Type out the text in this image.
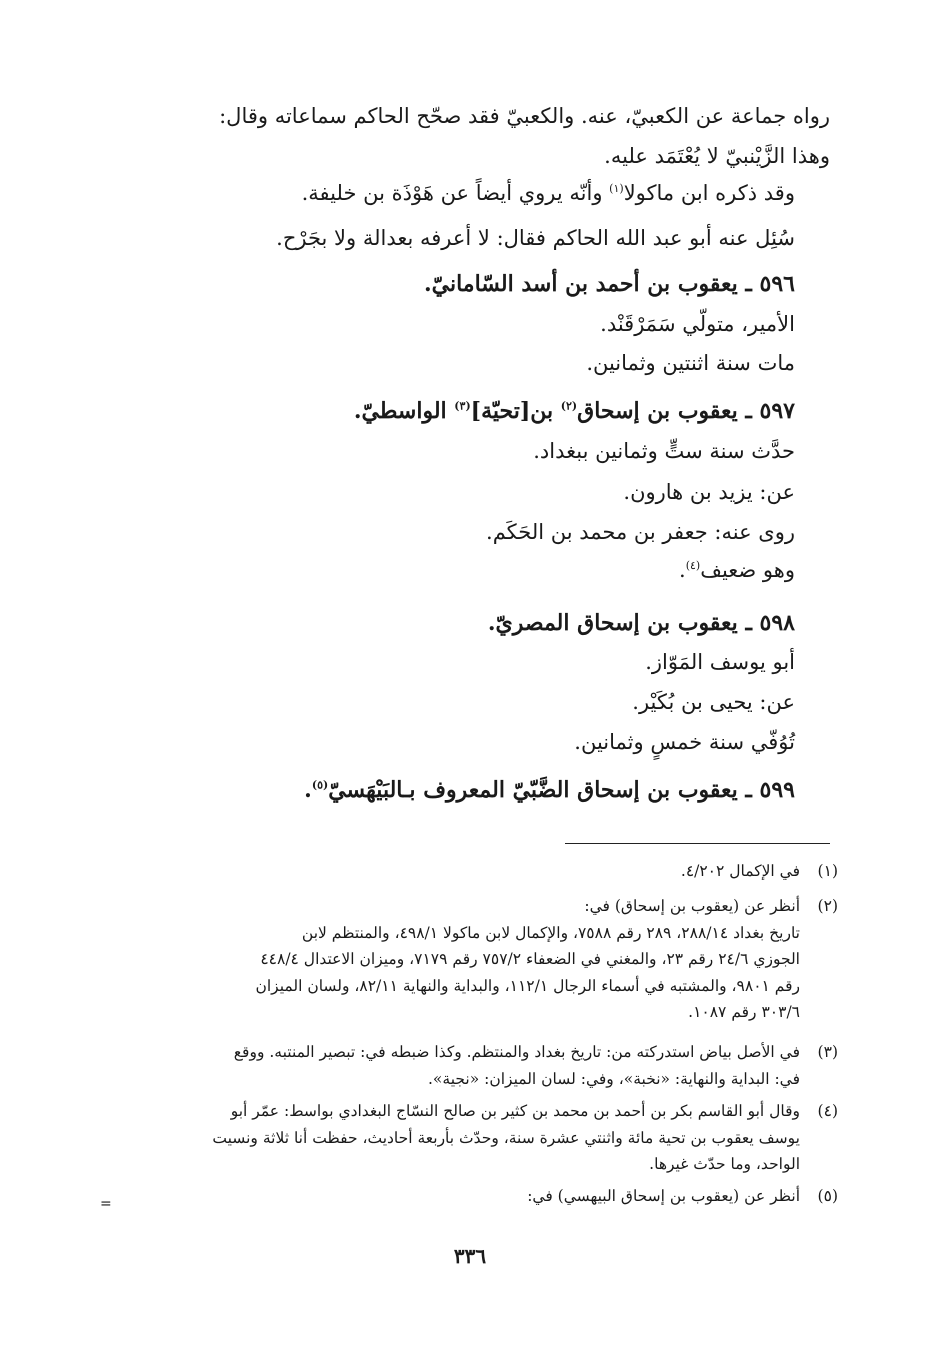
رواه جماعة عن الكعبيّ، عنه. والكعبيّ فقد صحّح الحاكم سماعاته وقال:
وهذا الزَّيْنبيّ لا يُعْتَمَد عليه.
وقد ذكره ابن ماكولا$^{(١)}$ وأنّه يروي أيضاً عن هَوْذَة بن خليفة.
سُئِل عنه أبو عبد الله الحاكم فقال: لا أعرفه بعدالة ولا بجَرْح.
٥٩٦ ـ يعقوب بن أحمد بن أسد السّامانيّ.
الأمير، متولّي سَمَرْقَنْد.
مات سنة اثنتين وثمانين.
٥٩٧ ـ يعقوب بن إسحاق$^{(٢)}$ بن[تحيّة]$^{(٣)}$ الواسطيّ.
حدَّث سنة ستٍّ وثمانين ببغداد.
عن: يزيد بن هارون.
روى عنه: جعفر بن محمد بن الحَكَم.
وهو ضعيف$^{(٤)}$.
٥٩٨ ـ يعقوب بن إسحاق المصريّ.
أبو يوسف المَوّاز.
عن: يحيى بن بُكَيْر.
تُوُفّي سنة خمسٍ وثمانين.
٥٩٩ ـ يعقوب بن إسحاق الضَّبّيّ المعروف بـالبَيْهَسيّ$^{(٥)}$.
(١)
في الإكمال ٤/٢٠٢.
(٢)
أنظر عن (يعقوب بن إسحاق) في:
تاريخ بغداد ٢٨٨/١٤، ٢٨٩ رقم ٧٥٨٨، والإكمال لابن ماكولا ٤٩٨/١، والمنتظم لابن
الجوزي ٢٤/٦ رقم ٢٣، والمغني في الضعفاء ٧٥٧/٢ رقم ٧١٧٩، وميزان الاعتدال ٤٤٨/٤
رقم ٩٨٠١، والمشتبه في أسماء الرجال ١١٢/١، والبداية والنهاية ٨٢/١١، ولسان الميزان
٣٠٣/٦ رقم ١٠٨٧.
(٣)
في الأصل بياض استدركته من: تاريخ بغداد والمنتظم. وكذا ضبطه في: تبصير المنتبه. ووقع
في: البداية والنهاية: «نخبة»، وفي: لسان الميزان: «نجية».
(٤)
وقال أبو القاسم بكر بن أحمد بن محمد بن كثير بن صالح النسّاج البغدادي بواسط: عمّر أبو
يوسف يعقوب بن تحية مائة واثنتي عشرة سنة، وحدّث بأربعة أحاديث، حفظت أنا ثلاثة ونسيت
الواحد، وما حدّث غيرها.
(٥)
أنظر عن (يعقوب بن إسحاق البيهسي) في:
=
٣٣٦
